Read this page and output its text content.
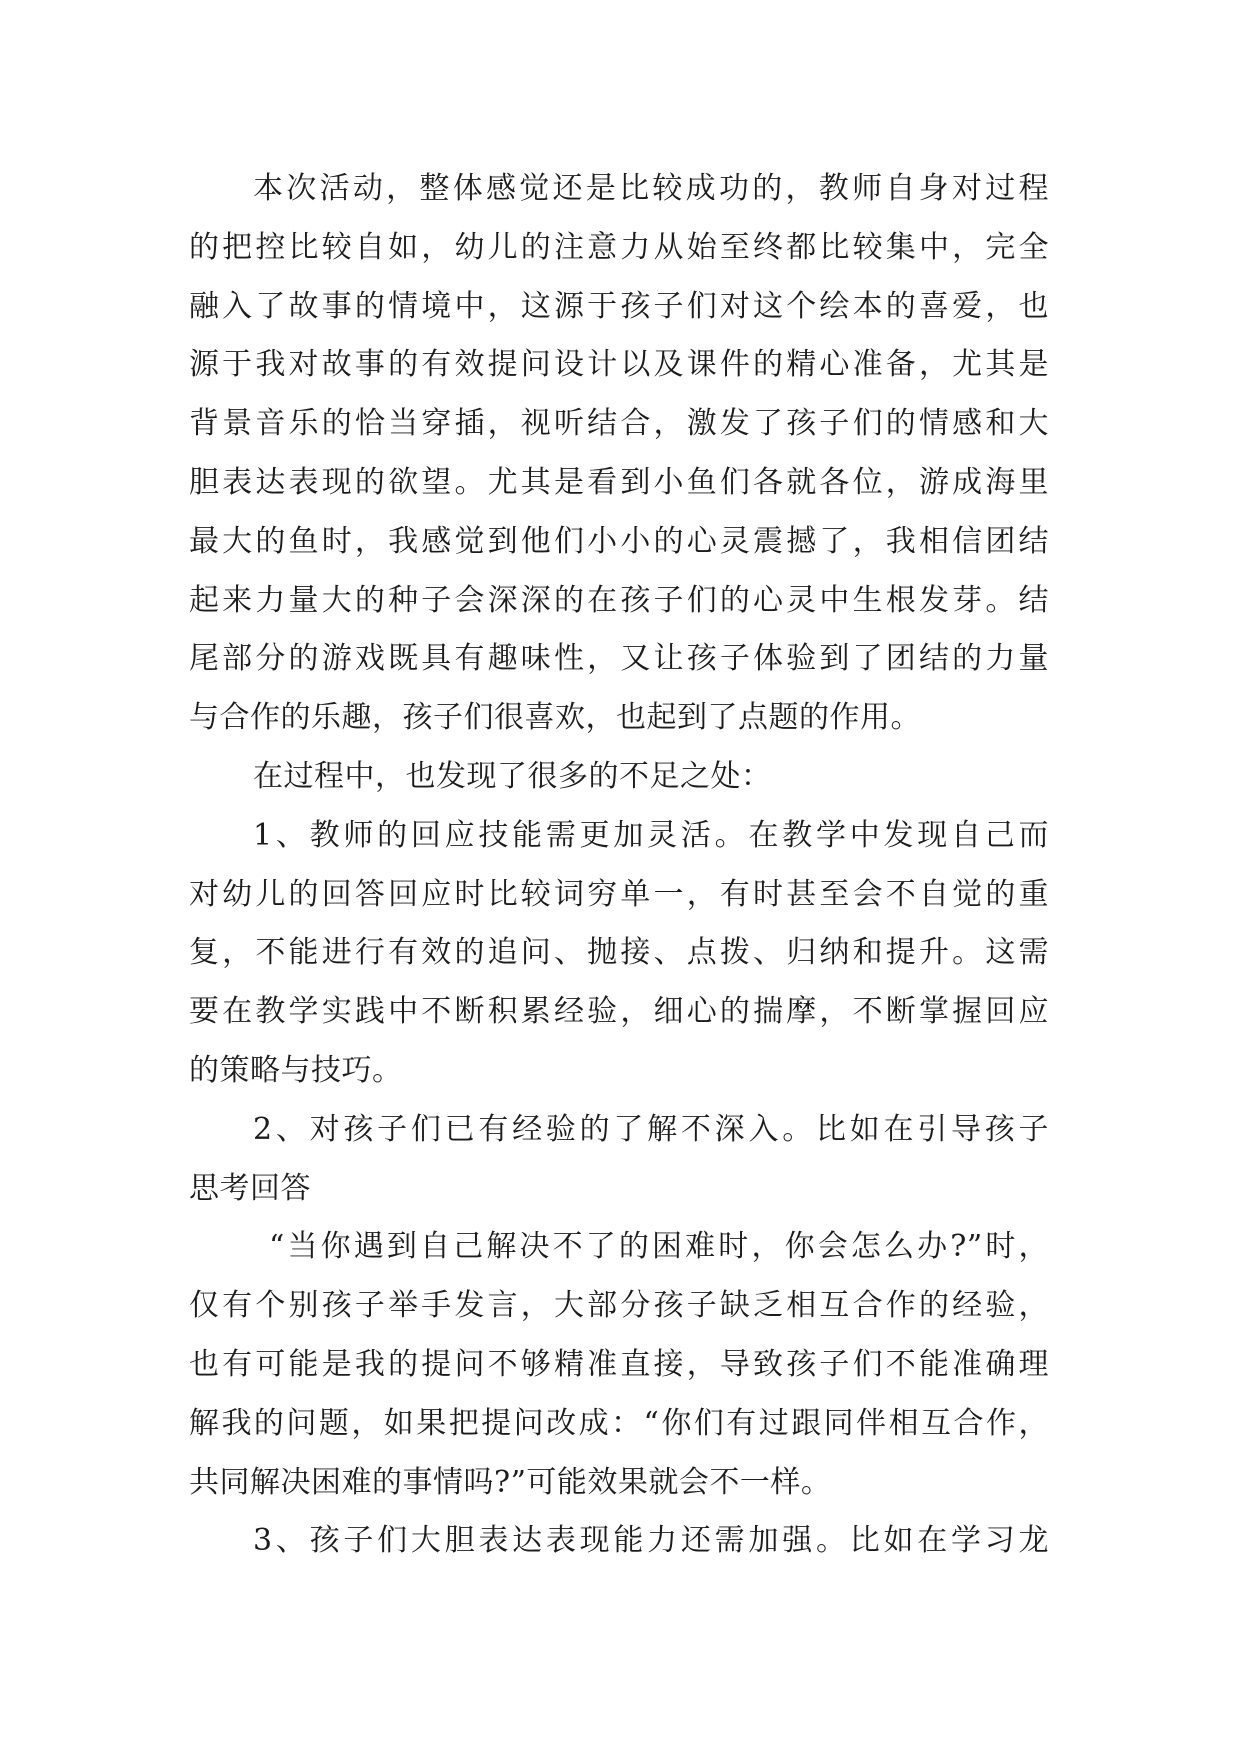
本次活动，整体感觉还是比较成功的，教师自身对过程
的把控比较自如，幼儿的注意力从始至终都比较集中，完全
融入了故事的情境中，这源于孩子们对这个绘本的喜爱，也
源于我对故事的有效提问设计以及课件的精心准备，尤其是
背景音乐的恰当穿插，视听结合，激发了孩子们的情感和大
胆表达表现的欲望。尤其是看到小鱼们各就各位，游成海里
最大的鱼时，我感觉到他们小小的心灵震撼了，我相信团结
起来力量大的种子会深深的在孩子们的心灵中生根发芽。结
尾部分的游戏既具有趣味性，又让孩子体验到了团结的力量
与合作的乐趣，孩子们很喜欢，也起到了点题的作用。
在过程中，也发现了很多的不足之处：
1、教师的回应技能需更加灵活。在教学中发现自己而
对幼儿的回答回应时比较词穷单一，有时甚至会不自觉的重
复，不能进行有效的追问、抛接、点拨、归纳和提升。这需
要在教学实践中不断积累经验，细心的揣摩，不断掌握回应
的策略与技巧。
2、对孩子们已有经验的了解不深入。比如在引导孩子
思考回答
“当你遇到自己解决不了的困难时，你会怎么办?”时，
仅有个别孩子举手发言，大部分孩子缺乏相互合作的经验，
也有可能是我的提问不够精准直接，导致孩子们不能准确理
解我的问题，如果把提问改成：“你们有过跟同伴相互合作，
共同解决困难的事情吗?”可能效果就会不一样。
3、孩子们大胆表达表现能力还需加强。比如在学习龙
